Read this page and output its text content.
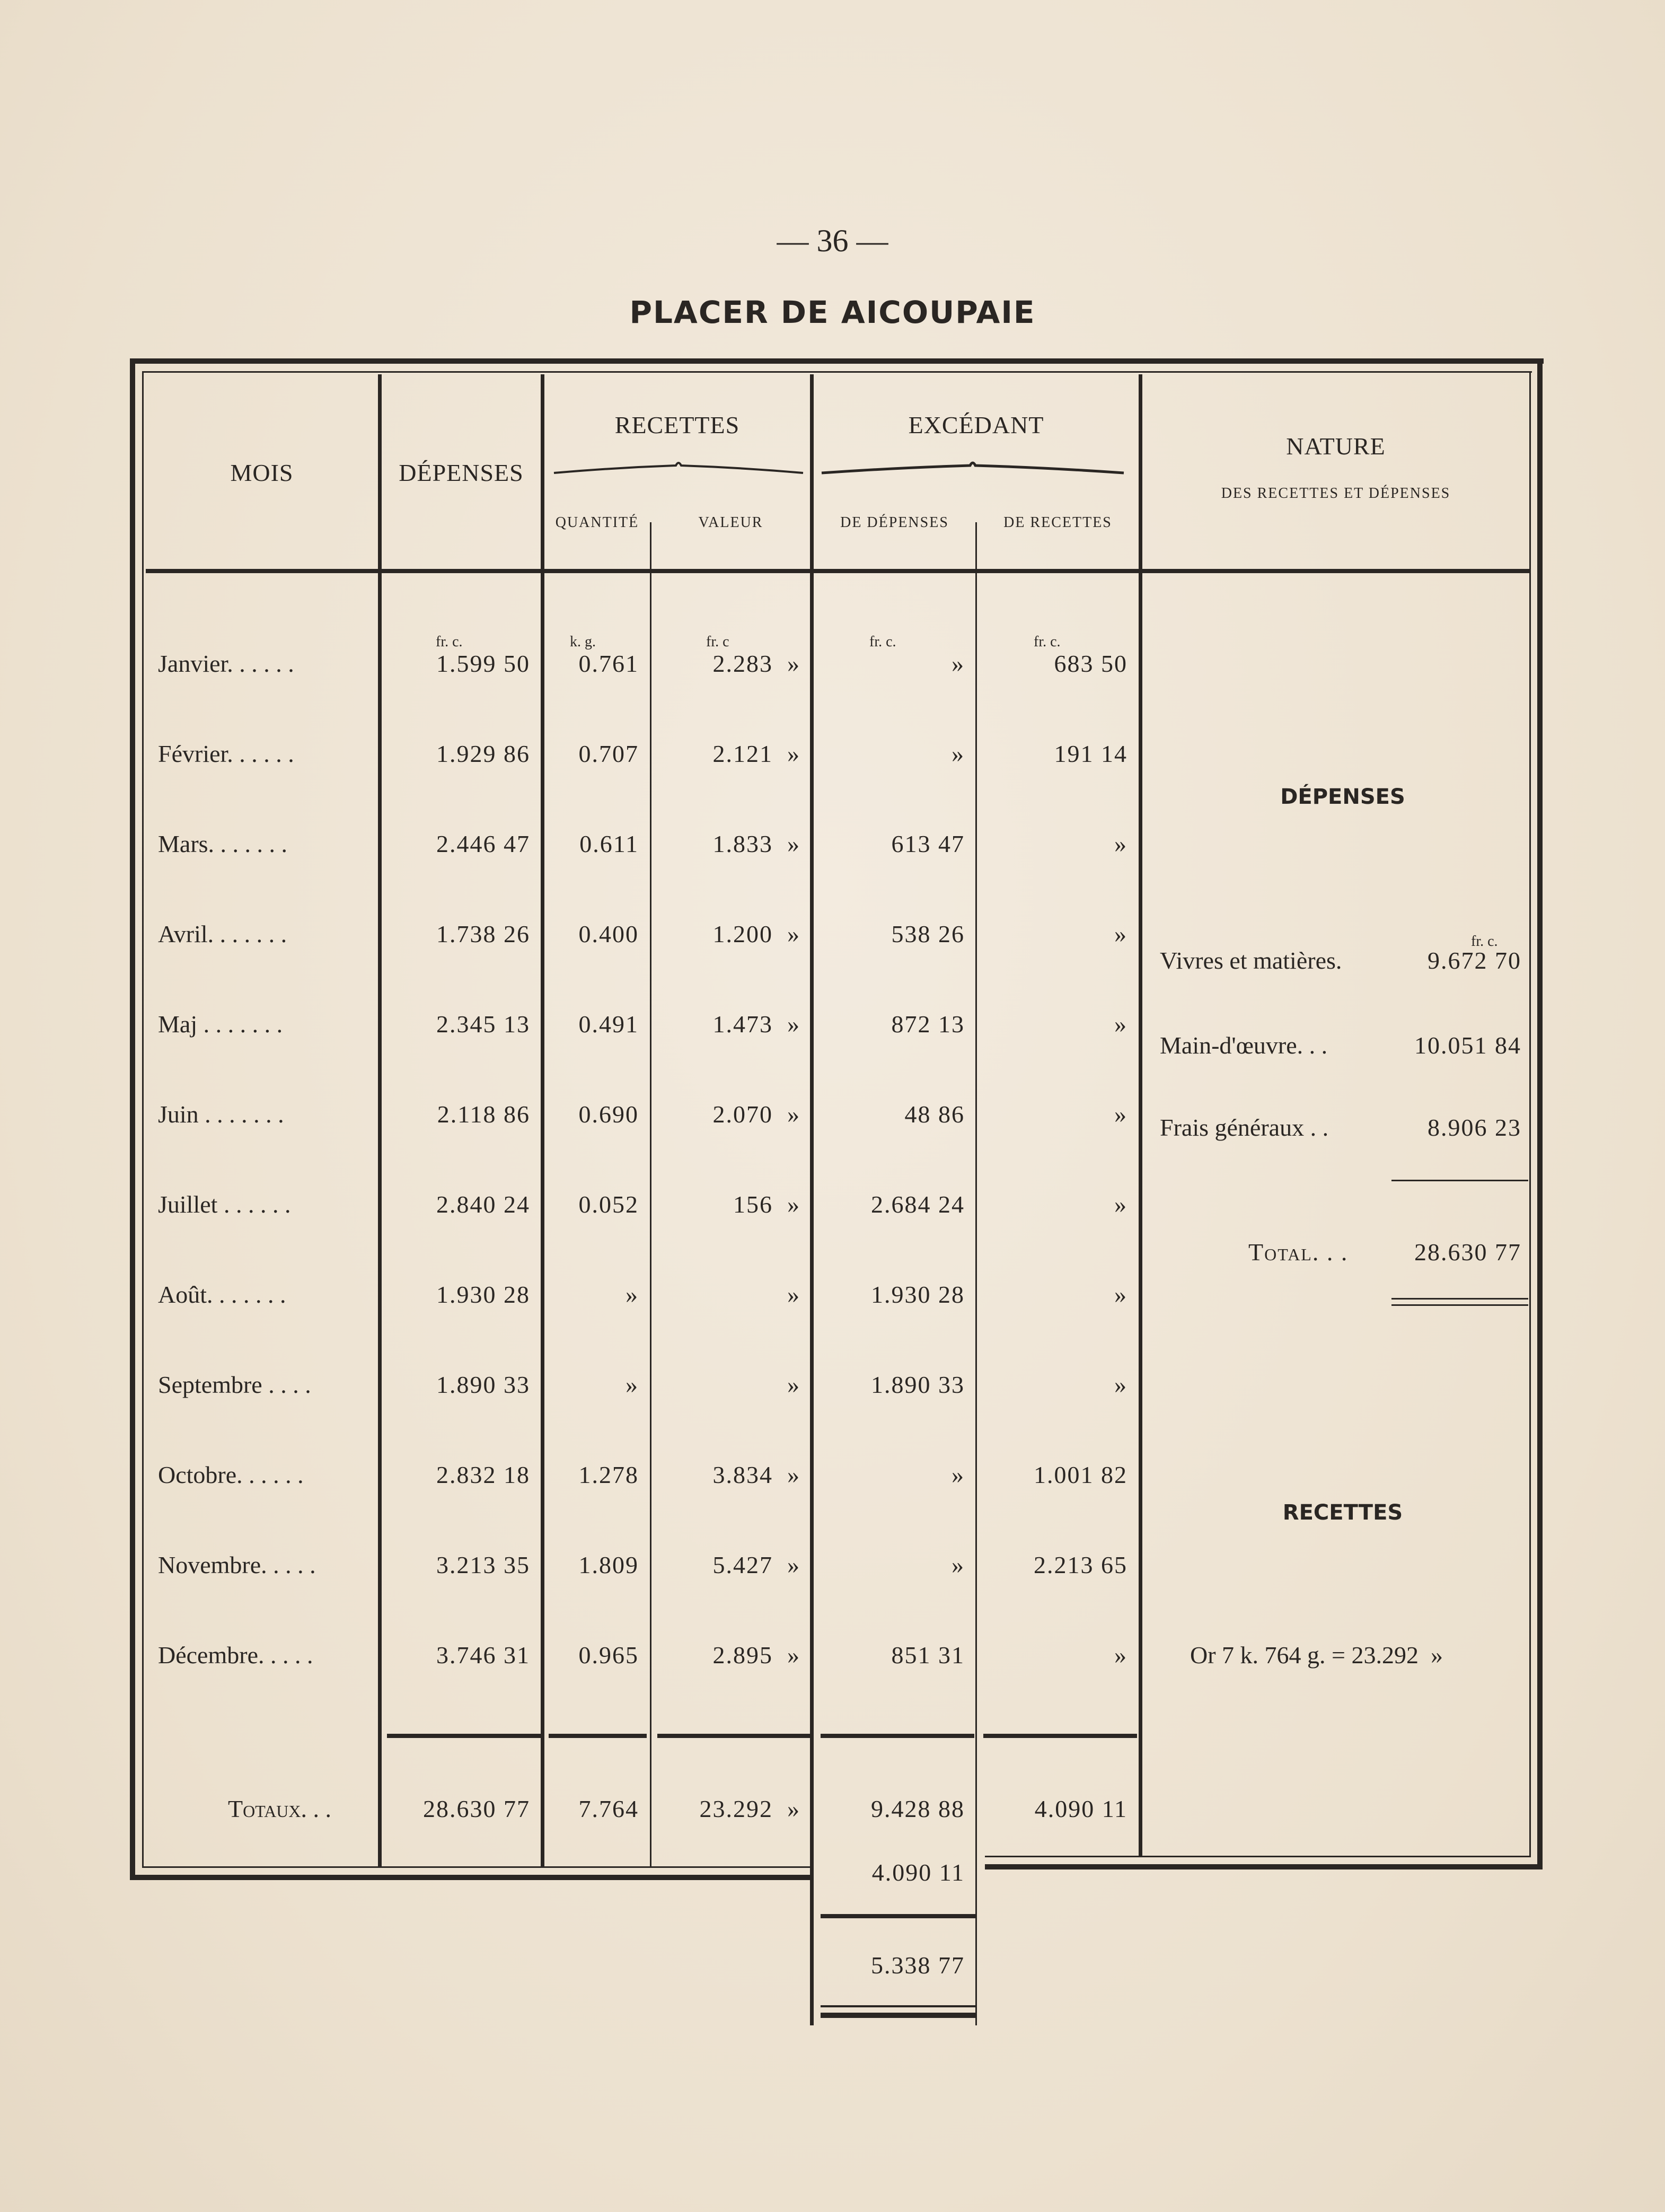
— 36 —
PLACER DE AICOUPAIE
MOIS	DÉPENSES
RECETTES
QUANTITÉ	VALEUR
EXCÉDANT
DE DÉPENSES	DE RECETTES
NATURE
DES RECETTES ET DÉPENSES
fr. c.	k. g.	fr. c	fr. c.	fr. c.
Janvier. . . . . .	1.599 50	0.761	2.283  »	»	683 50
Février. . . . . .	1.929 86	0.707	2.121  »	»	191 14
Mars. . . . . . .	2.446 47	0.611	1.833  »	613 47	»
Avril. . . . . . .	1.738 26	0.400	1.200  »	538 26	»
Maj . . . . . . .	2.345 13	0.491	1.473  »	872 13	»
Juin . . . . . . .	2.118 86	0.690	2.070  »	48 86	»
Juillet . . . . . .	2.840 24	0.052	156  »	2.684 24	»
Août. . . . . . .	1.930 28	»	»	1.930 28	»
Septembre . . . .	1.890 33	»	»	1.890 33	»
Octobre. . . . . .	2.832 18	1.278	3.834  »	»	1.001 82
Novembre. . . . .	3.213 35	1.809	5.427  »	»	2.213 65
Décembre. . . . .	3.746 31	0.965	2.895  »	851 31	»
Totaux. . .	28.630 77	7.764	23.292  »	9.428 88	4.090 11
4.090 11
5.338 77
DÉPENSES
fr. c.
Vivres et matières.	9.672 70
Main-d'œuvre. . .	10.051 84
Frais généraux . .	8.906 23
Total. . .	28.630 77
RECETTES
Or 7 k. 764 g. = 23.292  »
